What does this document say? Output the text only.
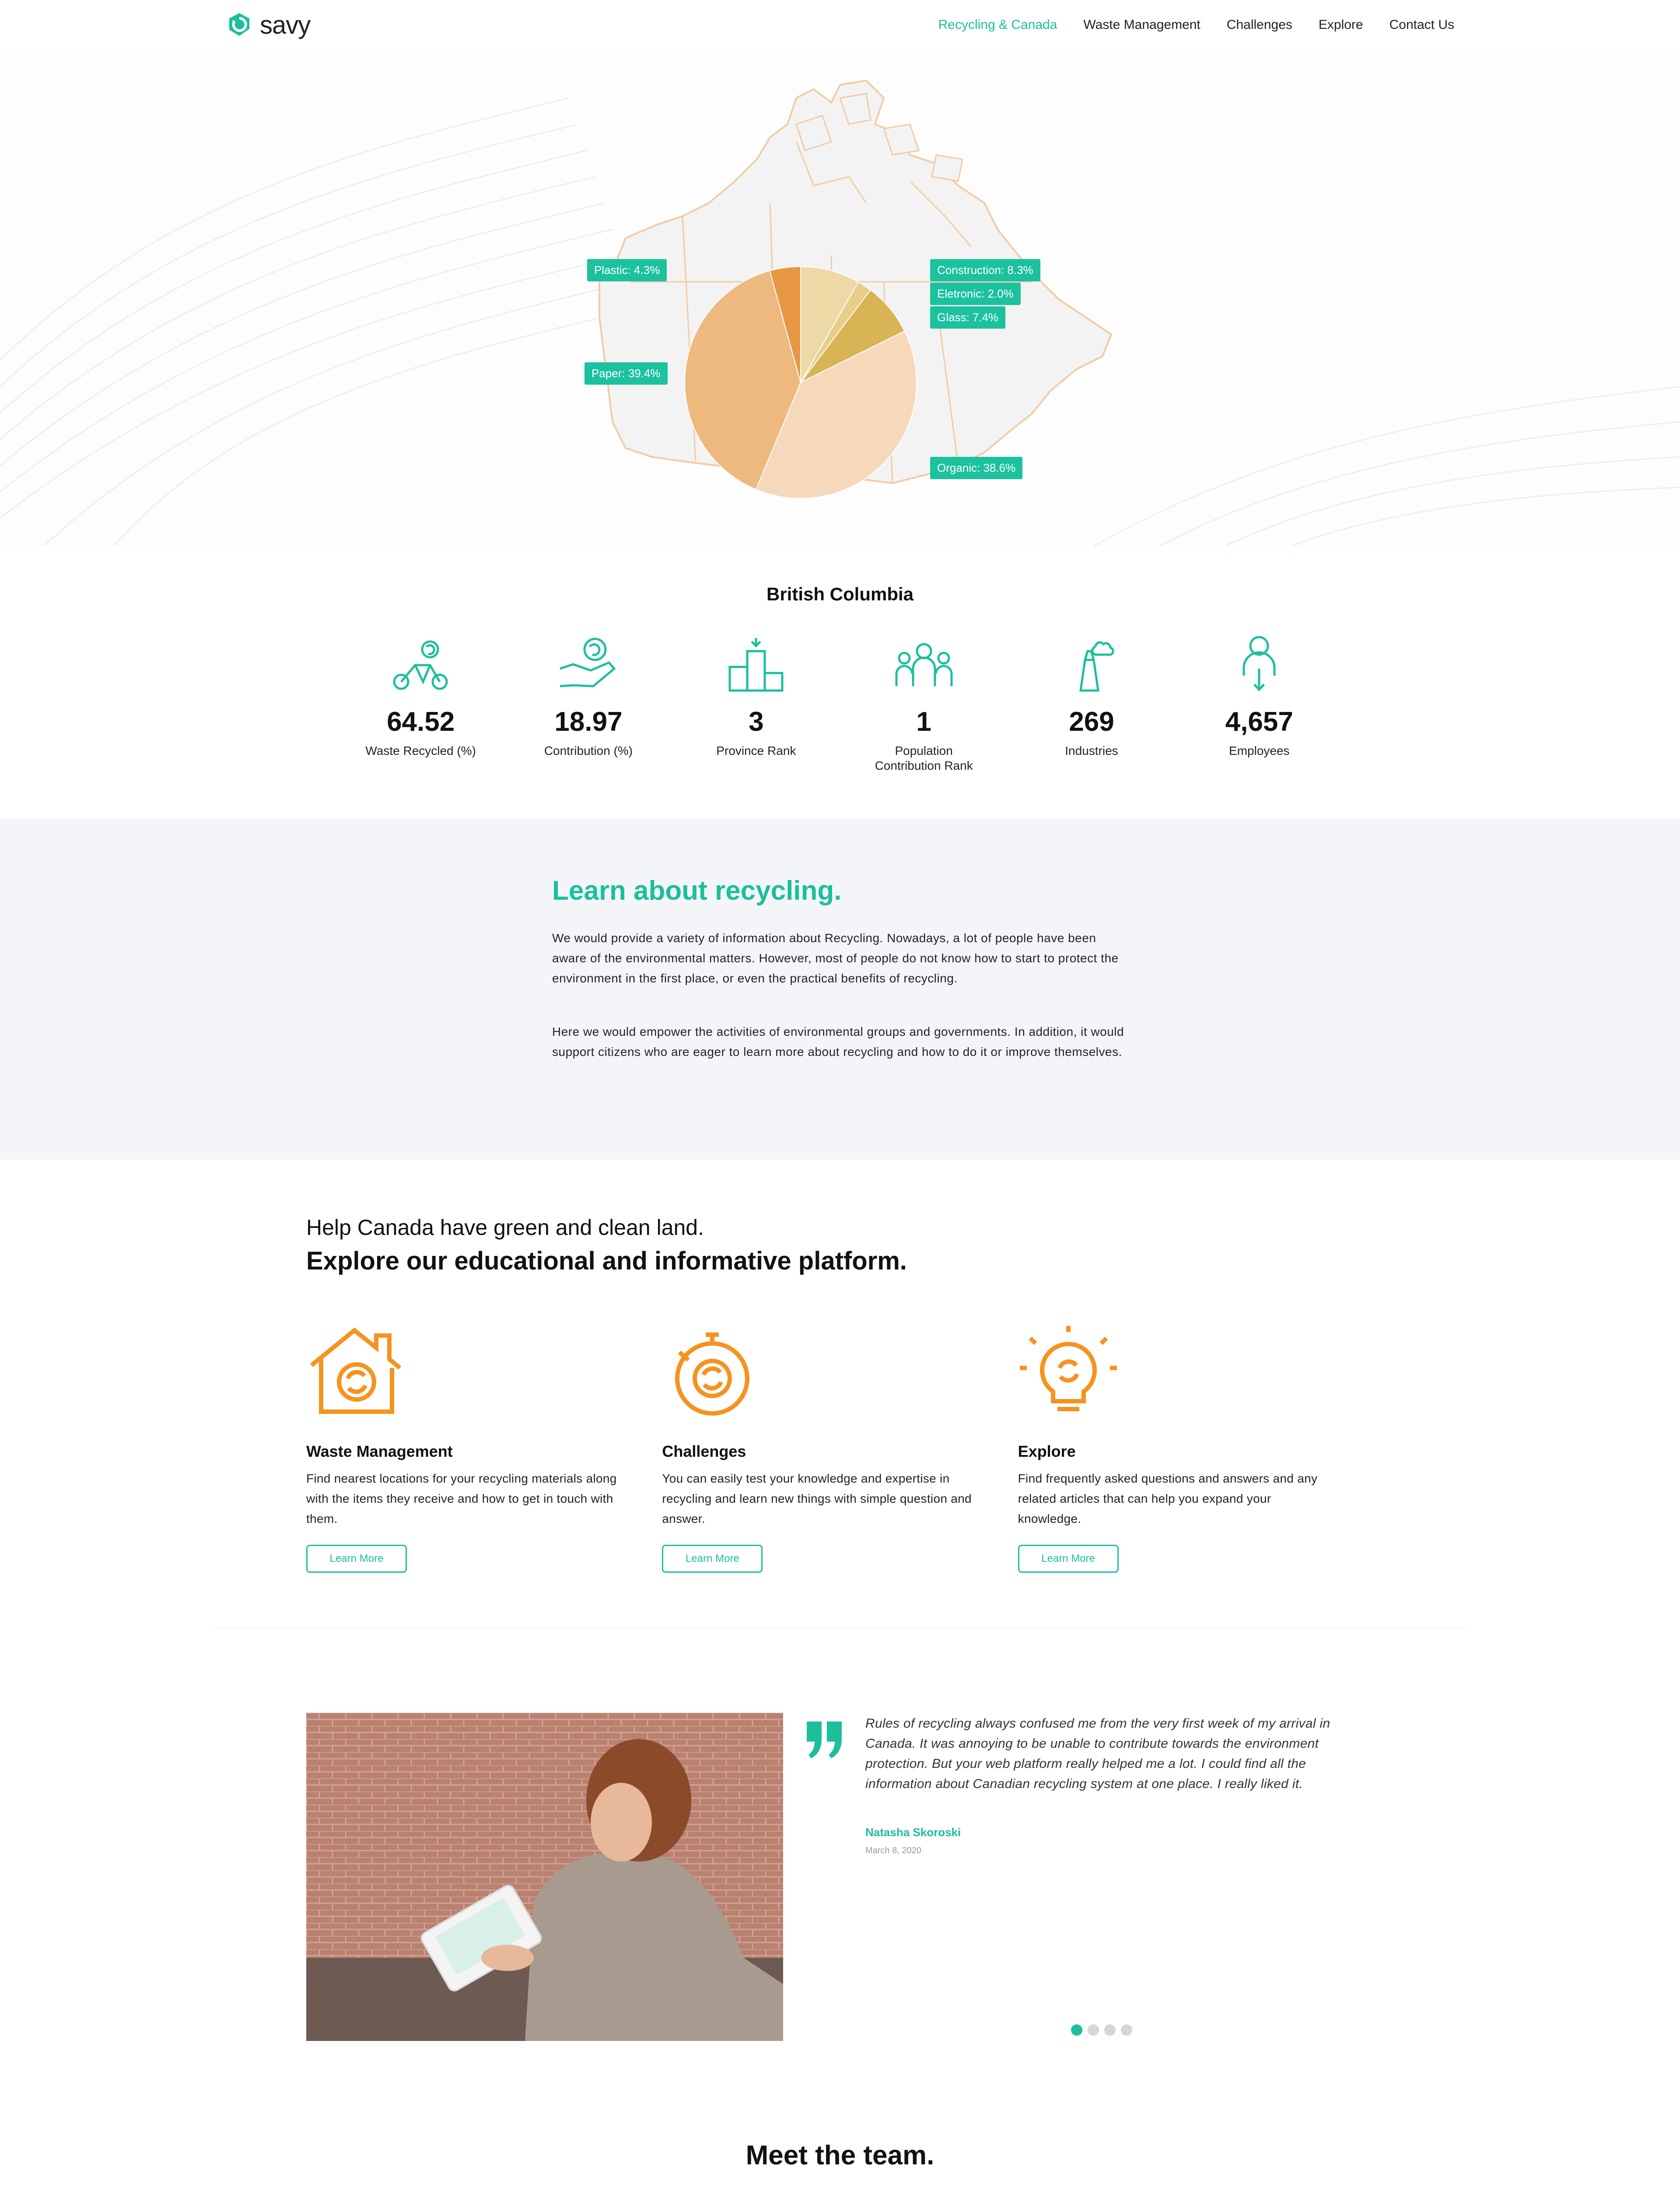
savy	Recycling & Canada Waste Management Challenges Explore Contact Us
Plastic: 4.3%
Paper: 39.4%
Construction: 8.3%
Eletronic: 2.0%
Glass: 7.4%
Organic: 38.6%
British Columbia
64.52
Waste Recycled (%)
18.97
Contribution (%)
3
Province Rank
1
Population Contribution Rank
269
Industries
4,657
Employees
Learn about recycling.

We would provide a variety of information about Recycling. Nowadays, a lot of people have been aware of the environmental matters. However, most of people do not know how to start to protect the environment in the first place, or even the practical benefits of recycling.

Here we would empower the activities of environmental groups and governments. In addition, it would support citizens who are eager to learn more about recycling and how to do it or improve themselves.

Help Canada have green and clean land.
Explore our educational and informative platform.
Waste Management

Find nearest locations for your recycling materials along with the items they receive and how to get in touch with them.

Learn More
Challenges

You can easily test your knowledge and expertise in recycling and learn new things with simple question and answer.

Learn More
Explore

Find frequently asked questions and answers and any related articles that can help you expand your knowledge.

Learn More

Rules of recycling always confused me from the very first week of my arrival in Canada. It was annoying to be unable to contribute towards the environment protection. But your web platform really helped me a lot. I could find all the information about Canadian recycling system at one place. I really liked it.

Natasha Skoroski
March 8, 2020
Meet the team.
